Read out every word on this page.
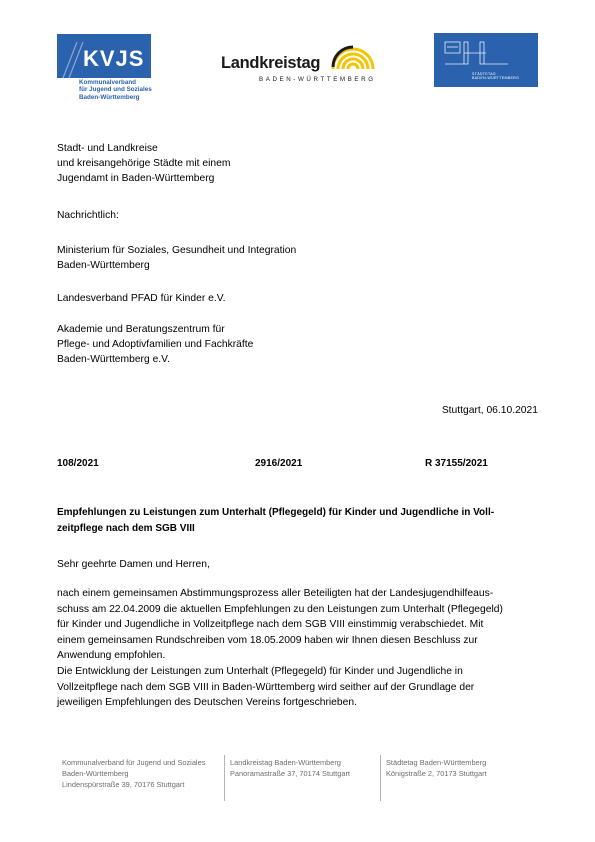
KVJS
Kommunalverband
für Jugend und Soziales
Baden-Württemberg
Landkreistag
BADEN-WÜRTTEMBERG
STÄDTETAG
BADEN-WÜRTTEMBERG
Stadt- und Landkreise
und kreisangehörige Städte mit einem
Jugendamt in Baden-Württemberg
Nachrichtlich:
Ministerium für Soziales, Gesundheit und Integration
Baden-Württemberg
Landesverband PFAD für Kinder e.V.
Akademie und Beratungszentrum für
Pflege- und Adoptivfamilien und Fachkräfte
Baden-Württemberg e.V.
Stuttgart, 06.10.2021
108/2021	2916/2021	R 37155/2021
Empfehlungen zu Leistungen zum Unterhalt (Pflegegeld) für Kinder und Jugendliche in Voll-
zeitpflege nach dem SGB VIII
Sehr geehrte Damen und Herren,
nach einem gemeinsamen Abstimmungsprozess aller Beteiligten hat der Landesjugendhilfeaus-
schuss am 22.04.2009 die aktuellen Empfehlungen zu den Leistungen zum Unterhalt (Pflegegeld)
für Kinder und Jugendliche in Vollzeitpflege nach dem SGB VIII einstimmig verabschiedet. Mit
einem gemeinsamen Rundschreiben vom 18.05.2009 haben wir Ihnen diesen Beschluss zur
Anwendung empfohlen.
Die Entwicklung der Leistungen zum Unterhalt (Pflegegeld) für Kinder und Jugendliche in
Vollzeitpflege nach dem SGB VIII in Baden-Württemberg wird seither auf der Grundlage der
jeweiligen Empfehlungen des Deutschen Vereins fortgeschrieben.
Kommunalverband für Jugend und Soziales
Baden-Württemberg
Lindenspürstraße 39, 70176 Stuttgart
Landkreistag Baden-Württemberg
Panoramastraße 37, 70174 Stuttgart
Städtetag Baden-Württemberg
Königstraße 2, 70173 Stuttgart
